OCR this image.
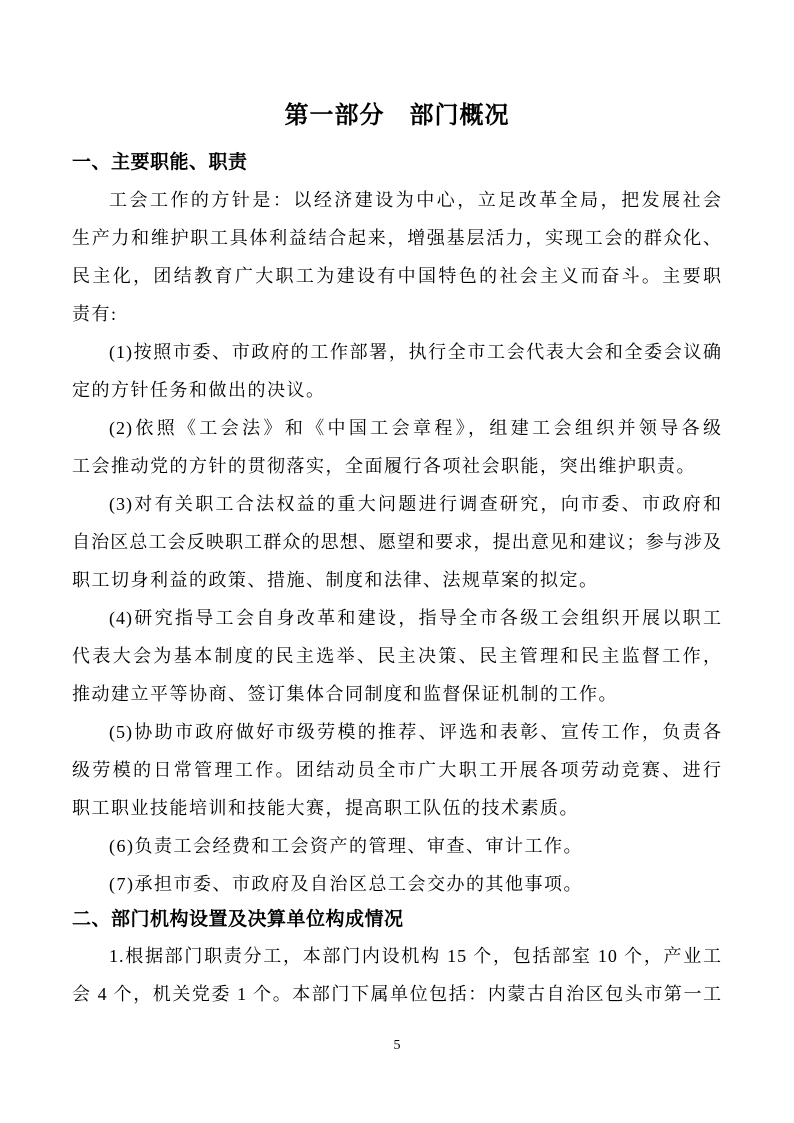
第一部分　部门概况
一、主要职能、职责
工会工作的方针是：以经济建设为中心，立足改革全局，把发展社会
生产力和维护职工具体利益结合起来，增强基层活力，实现工会的群众化、
民主化，团结教育广大职工为建设有中国特色的社会主义而奋斗。主要职
责有:
(1)按照市委、市政府的工作部署，执行全市工会代表大会和全委会议确
定的方针任务和做出的决议。
(2)依照《工会法》和《中国工会章程》，组建工会组织并领导各级
工会推动党的方针的贯彻落实，全面履行各项社会职能，突出维护职责。
(3)对有关职工合法权益的重大问题进行调查研究，向市委、市政府和
自治区总工会反映职工群众的思想、愿望和要求，提出意见和建议；参与涉及
职工切身利益的政策、措施、制度和法律、法规草案的拟定。
(4)研究指导工会自身改革和建设，指导全市各级工会组织开展以职工
代表大会为基本制度的民主选举、民主决策、民主管理和民主监督工作，
推动建立平等协商、签订集体合同制度和监督保证机制的工作。
(5)协助市政府做好市级劳模的推荐、评选和表彰、宣传工作，负责各
级劳模的日常管理工作。团结动员全市广大职工开展各项劳动竞赛、进行
职工职业技能培训和技能大赛，提高职工队伍的技术素质。
(6)负责工会经费和工会资产的管理、审查、审计工作。
(7)承担市委、市政府及自治区总工会交办的其他事项。
二、部门机构设置及决算单位构成情况
1.根据部门职责分工，本部门内设机构 15 个，包括部室 10 个，产业工
会 4 个，机关党委 1 个。本部门下属单位包括：内蒙古自治区包头市第一工
5
